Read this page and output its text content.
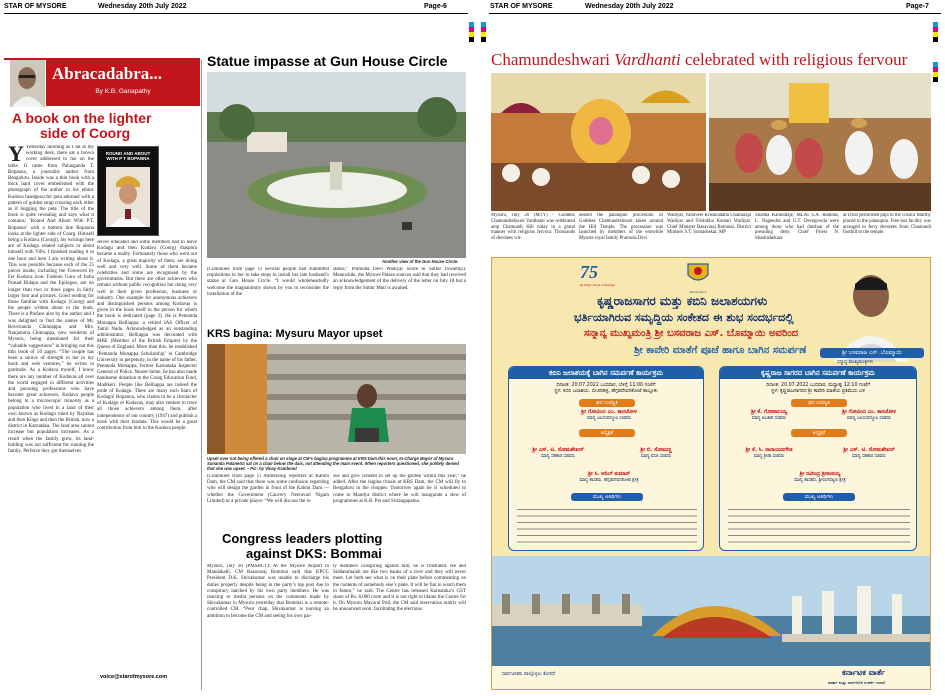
STAR OF MYSORE	Wednesday 20th July 2022	Page-6	STAR OF MYSORE	Wednesday 20th July 2022	Page-7
Abracadabra...
By K.B. Ganapathy
A book on the lighter
side of Coorg
ROUND AND ABOUT
WITH P T BOPANNA
Y Yesterday morning as I sat at my working desk, there sat a brown cover addressed to me on the table. It came from Palanganda T. Bopanna, a journalist author from Bengaluru. Inside was a thin book with a thick hard cover embellished with the photograph of the author in his ethnic Kodava headgear,chit peta adorned with a pattern of golden strap crossing each other as if hugging the peta. The title of the book is quite revealing and says what it contains: ‘Round And About With P.T. Bopanna’ with a bottom line Bopanna looks at the lighter side of Coorg. Himself being a Kodava (Coorgi), his writings here are of Kodagu related subjects or about himself with ViPs. I finished reading it in one hour and here I am writing about it. This was possible because each of the 25 pieces inside, including the Foreword by Fer Kodava icon: Fashion Guru of India Prasad Bidapa and the Epilogue, are no longer than two or three pages in fairly larger font and pictures. Good reading for those familiar with Kodagu (Coorg) and the people written about in the book. There is a Preface also by the author and I was delighted to find the names of Mr. Boverianda Chinnappa and Mrs. Nanjamma Chinnappa, now residents of Mysuru, being mentioned for their “valuable suggestions” in bringing out this thin book of 56 pages. “The couple has been a source of strength to me in my book and web ventures,” he writes in gratitude. As a Kodava myself, I know there are any number of Kodavas all over the world engaged in different activities and pursuing professions who have become great achievers. Kodava people belong to a microscopic minority as a population who lived in a land of their own known as Kodagu ruled by Nayakas and then Kings and then the British, now a district in Karnataka. The land area cannot increase but population increases. As a result when the family grew, its land-holding was not sufficient for running the family. Perforce they got themselves
selves educated and some members had to leave Kodagu and then Kodava (Coorg) diaspora became a reality. Fortunately those who went out of Kodagu, a great majority of them, are doing well and very well. Some of them became celebrities and some are recognised by the governments. But there are other achievers who remain without public recognition but doing very well in their given profession, business or industry. One example for anonymous achievers and distinguished persons among Kodavas is given in the book itself in the person for whom the book is dedicated (page 3). He is Pemanda Monappa Belliappa, a retired IAS Officer of Tamil Nadu. Acknowledged as an outstanding administrator, Belliappa was decorated with MBE (Member of the British Empire) by the Queen of England. More than this, he established ‘Pemanda Monappa Scholarship’ in Cambridge University in perpetuity, in the name of his father, Pemanda Monappa, former Karnataka Inspector General of Police. Nearer home, he has also made handsome donation to the Coorg Education Fund, Madikeri. People like Belliappa are indeed the pride of Kodagu. There are many such Stars of Kodagu! Bopanna, who claims to be a chronicler of Kodagu or Kodavas, may also venture to trace all those achievers among them, after independence of our country (1947) and publish a book with their biodata. This would be a great contribution from him to the Kodava people.
voice@starofmysore.com
Statue impasse at Gun House Circle
Another view of the Gun House Circle.
(Continued from page 1) Several people had submitted requisitions to her to take steps to install her late husband’s statue at Gun House Circle. “I would wholeheartedly welcome the magnanimity shown by you to reconsider the installation of the
statue,” Pramoda Devi Wadiyar wrote to Sutlur (Swamiji). Meanwhile, the Mysore Palace sources said that they had received an acknowledgement of the delivery of the letter on July 18 but a reply from the Suttur Mutt is awaited.
KRS bagina: Mysuru Mayor upset
Upset over not being offered a chair on stage at CM’s bagina programme at KRS Dam this noon, In-Charge Mayor of Mysuru Sunanda Palanetra sat on a chair below the dais, not attending the main event. When reporters questioned, she politely denied that she was upset. – Pic: by Vinay Kambond
(Continued from page 1) Addressing reporters at Kabini Dam, the CM said that there was some confusion regarding who will design the garden in front of the Kabini Dam — whether the Government (Cauvery Neeravari Nigam Limited) or a private player. “We will discuss the is-
sue and give consent to set up the garden within this year,” he added. After the bagina rituals at KRS Dam, the CM will fly to Bengaluru in the chopper. Tomorrow again he is scheduled to come to Mandya district where he will inaugurate a slew of programmes at K.R. Pet and Srirangapatna.
Congress leaders plotting
against DKS: Bommai
Mysuru, July 20 (PMSBCT): At the Mysore Airport in Mandakalli, CM Basavaraj Bommai said that KPCC President D.K. Shivakumar was unable to discharge his duties properly despite being in the party’s top post due to conspiracy hatched by his own party members. He was reacting to media persons on the comments made by Shivakumar in Mysuru yesterday that Bommai is a remote-controlled CM. “Poor chap, Shivakumar is nursing an ambition to become the CM and seeing his own par-
ty members conspiring against him, he is frustrated. He and Siddaramaiah are like two banks of a river and they will never meet. Let both see what is on their plate before commenting on the contents of somebody else’s plate. It will be fun to watch them in future,” he said. The Centre has released Karnataka’s GST share of Rs. 8,000 crore and it is not right to blame the Centre for it. On Mysuru Mayoral Poll, the CM said reservation matrix will be announced soon, facilitating the elections.
Chamundeshwari Vardhanti celebrated with religious fervour
Mysuru, July 20 (MTY) - Goddess Chamundeshwari Vardhanti was celebrated atop Chamundi Hill today in a grand manner with religious fervour. Thousands of devotees wit-
nessed the palanquin procession of Goddess Chamundeshwari taken around the Hill Temple. The procession was launched by members of the erstwhile Mysore royal family Pramoda Devi
Wadiyar, Yaduveer Krishnadatta Chamaraja Wadiyar and Trishikha Kumari Wadiyar. Chief Minister Basavaraj Bommai, District Minister S.T. Somashekar, MP
Shobha Karandlaje, MLAs S.A. Ramdas, L. Nagendra and G.T. Devegowda were among those who had darshan of the presiding deity. Chief Priest N. Shashishekara
ar Dixit performed puja to the Utsava Murthy placed in the palanquin. Free bus facility was arranged to ferry devotees from Chamundi foothill to the temple.
75
ಸ್ವಾತಂತ್ರ್ಯದ ಅಮೃತ ಮಹೋತ್ಸವ
ಕರ್ನಾಟಕ ಸರ್ಕಾರ
ಕೃಷ್ಣರಾಜಸಾಗರ ಮತ್ತು ಕಬಿನಿ ಜಲಾಶಯಗಳು
ಭರ್ತಿಯಾಗಿರುವ ಸಮೃದ್ಧಿಯ ಸಂಕೇತದ ಈ ಶುಭ ಸಂದರ್ಭದಲ್ಲಿ
ಸನ್ಮಾನ್ಯ ಮುಖ್ಯಮಂತ್ರಿ ಶ್ರೀ ಬಸವರಾಜ ಎಸ್. ಬೊಮ್ಮಾಯಿ ಅವರಿಂದ
ಶ್ರೀ ಕಾವೇರಿ ಮಾತೆಗೆ ಪೂಜೆ ಹಾಗೂ ಬಾಗಿನ ಸಮರ್ಪಣೆ	ಶ್ರೀ ಬಸವರಾಜ ಎಸ್. ಬೊಮ್ಮಾಯಿ
ಸನ್ಮಾನ್ಯ ಮುಖ್ಯಮಂತ್ರಿಗಳು
ಕಬಿನಿ ಜಲಾಶಯಕ್ಕೆ ಬಾಗಿನ ಸಮರ್ಪಣೆ ಕಾರ್ಯಕ್ರಮ
ದಿನಾಂಕ: 20.07.2022 ಬುಧವಾರ, ಬೆಳಿಗ್ಗೆ 11:00 ಗಂಟೆಗೆ
ಸ್ಥಳ: ಕಬಿನಿ ಜಲಾಶಯ, ಬೀಚನಹಳ್ಳಿ, ಹೆಗ್ಗಡದೇವನಕೋಟೆ ತಾಲ್ಲೂಕು
ಘನ ಉಪಸ್ಥಿತಿ
ಶ್ರೀ ಗೋವಿಂದ ಎಂ. ಕಾರಜೋಳ
ಮಾನ್ಯ ಜಲಸಂಪನ್ಮೂಲ ಸಚಿವರು
ಅಧ್ಯಕ್ಷತೆ
ಶ್ರೀ ಎಸ್. ಟಿ. ಸೋಮಶೇಖರ್
ಮಾನ್ಯ ಸಹಕಾರ ಸಚಿವರು
ಶ್ರೀ ಬಿ. ಸೋಮಣ್ಣ
ಮಾನ್ಯ ವಸತಿ ಸಚಿವರು
ಶ್ರೀ ಸಿ. ಅನಿಲ್ ಕುಮಾರ್
ಮಾನ್ಯ ಶಾಸಕರು, ಹೆಗ್ಗಡದೇವನಕೋಟೆ ಕ್ಷೇತ್ರ
ಮುಖ್ಯ ಅತಿಥಿಗಳು
ಕೃಷ್ಣರಾಜ ಸಾಗರದ ಬಾಗಿನ ಸಮರ್ಪಣೆ ಕಾರ್ಯಕ್ರಮ
ದಿನಾಂಕ: 20.07.2022 ಬುಧವಾರ, ಮಧ್ಯಾಹ್ನ 12:10 ಗಂಟೆಗೆ
ಸ್ಥಳ: ಕೃಷ್ಣರಾಜಸಾಗರದ ಶ್ರೀ ಕಾವೇರಿ ಮಾತೆಯ ಪ್ರತಿಮೆಯ ಬಳಿ
ಘನ ಉಪಸ್ಥಿತಿ
ಶ್ರೀ ಕೆ. ಗೋಪಾಲಯ್ಯ
ಮಾನ್ಯ ಅಬಕಾರಿ ಸಚಿವರು
ಶ್ರೀ ಗೋವಿಂದ ಎಂ. ಕಾರಜೋಳ
ಮಾನ್ಯ ಜಲಸಂಪನ್ಮೂಲ ಸಚಿವರು
ಅಧ್ಯಕ್ಷತೆ
ಶ್ರೀ ಕೆ. ಸಿ. ನಾರಾಯಣಗೌಡ
ಮಾನ್ಯ ಕ್ರೀಡಾ ಸಚಿವರು
ಶ್ರೀ ಎಸ್. ಟಿ. ಸೋಮಶೇಖರ್
ಮಾನ್ಯ ಸಹಕಾರ ಸಚಿವರು
ಶ್ರೀ ರವೀಂದ್ರ ಶ್ರೀಕಂಠಯ್ಯ
ಮಾನ್ಯ ಶಾಸಕರು, ಶ್ರೀರಂಗಪಟ್ಟಣ ಕ್ಷೇತ್ರ
ಮುಖ್ಯ ಅತಿಥಿಗಳು
ಸಾರ್ವಜನಿಕರು ಪಾಲ್ಗೊಳ್ಳಲು ಕೋರಿದೆ	ಕರ್ನಾಟಕ ವಾರ್ತೆ
ವಾರ್ತಾ ಮತ್ತು ಸಾರ್ವಜನಿಕ ಸಂಪರ್ಕ ಇಲಾಖೆ
